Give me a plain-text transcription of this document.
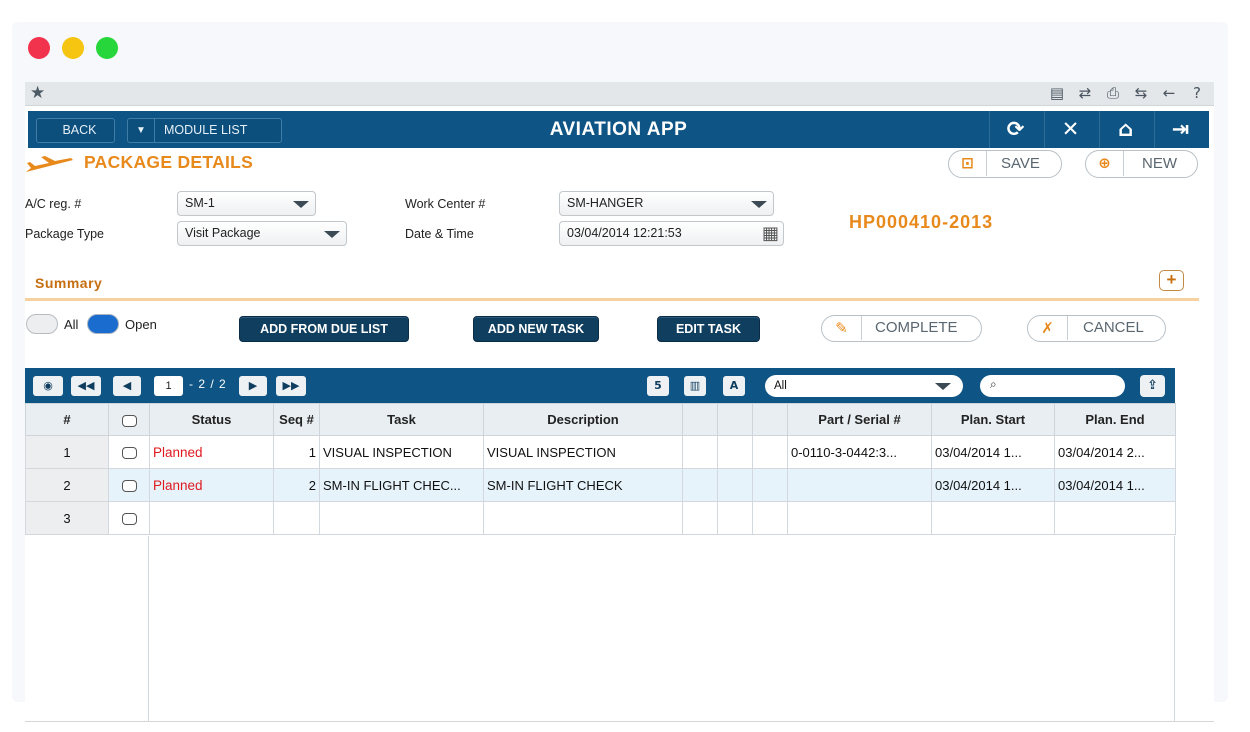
★	▤ ⇄ ⎙ ⇆ ←	?
AVIATION APP
BACK	▼	MODULE LIST	⟳	✕	⌂	⇥
PACKAGE DETAILS	⊡	SAVE	⊕	NEW
A/C reg. #	SM-1
Package Type	Visit Package
Work Center #	SM-HANGER
Date & Time	03/04/2014 12:21:53	▦
HP000410-2013
Summary	+
All	Open	ADD FROM DUE LIST	ADD NEW TASK	EDIT TASK	✎	COMPLETE	✗	CANCEL
◉	◀◀	◀	1	- 2 / 2	▶	▶▶	5	▥	A	All	⌕	⇪
#		Status	Seq #	Task	Description				Part / Serial #	Plan. Start	Plan. End
1		Planned	1	VISUAL INSPECTION	VISUAL INSPECTION				0-0110-3-0442:3...	03/04/2014 1...	03/04/2014 2...
2		Planned	2	SM-IN FLIGHT CHEC...	SM-IN FLIGHT CHECK					03/04/2014 1...	03/04/2014 1...
3											
